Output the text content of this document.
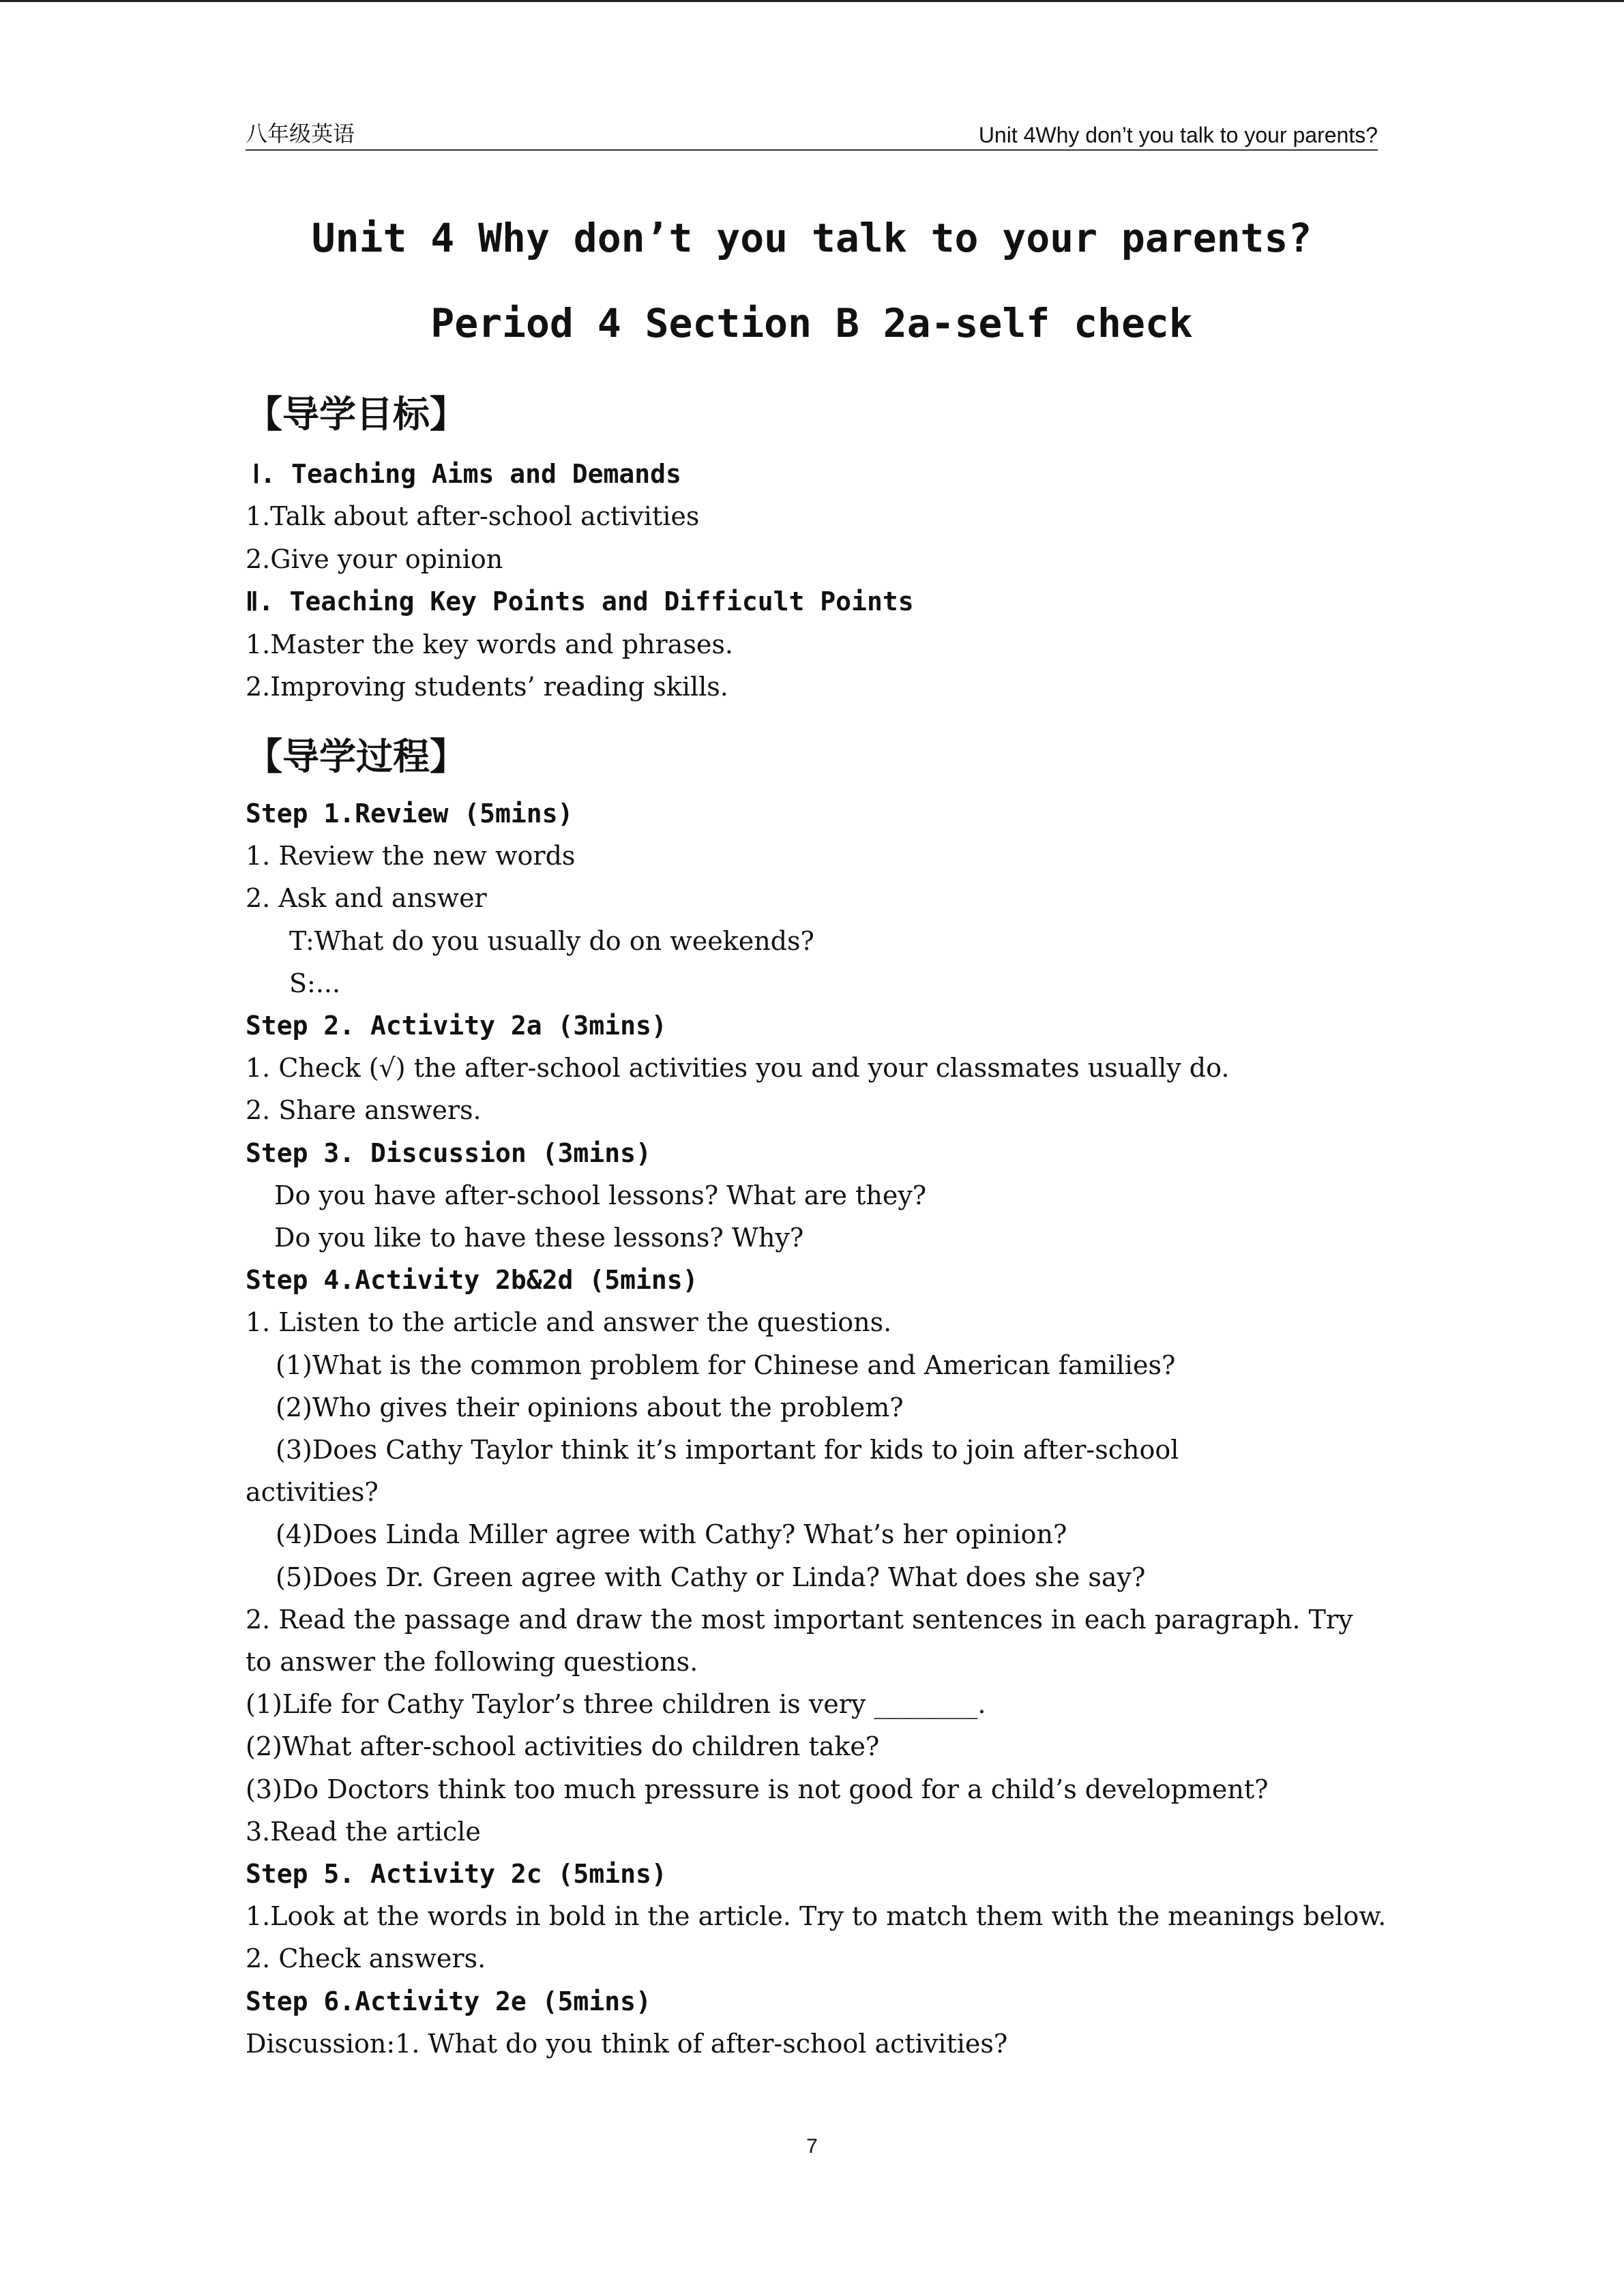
八年级英语	Unit 4Why don’t you talk to your parents?
Unit 4 Why don’t you talk to your parents?
Period 4 Section B 2a-self check
【导学目标】
Ⅰ. Teaching Aims and Demands
1.Talk about after-school activities
2.Give your opinion
Ⅱ. Teaching Key Points and Difficult Points
1.Master the key words and phrases.
2.Improving students’ reading skills.
【导学过程】
Step 1.Review (5mins)
1. Review the new words
2. Ask and answer
T:What do you usually do on weekends?
S:...
Step 2. Activity 2a (3mins)
1. Check (√) the after-school activities you and your classmates usually do.
2. Share answers.
Step 3. Discussion (3mins)
Do you have after-school lessons? What are they?
Do you like to have these lessons? Why?
Step 4.Activity 2b&2d (5mins)
1. Listen to the article and answer the questions.
(1)What is the common problem for Chinese and American families?
(2)Who gives their opinions about the problem?
(3)Does Cathy Taylor think it’s important for kids to join after-school
activities?
(4)Does Linda Miller agree with Cathy? What’s her opinion?
(5)Does Dr. Green agree with Cathy or Linda? What does she say?
2. Read the passage and draw the most important sentences in each paragraph. Try
to answer the following questions.
(1)Life for Cathy Taylor’s three children is very ________.
(2)What after-school activities do children take?
(3)Do Doctors think too much pressure is not good for a child’s development?
3.Read the article
Step 5. Activity 2c (5mins)
1.Look at the words in bold in the article. Try to match them with the meanings below.
2. Check answers.
Step 6.Activity 2e (5mins)
Discussion:1. What do you think of after-school activities?
7
